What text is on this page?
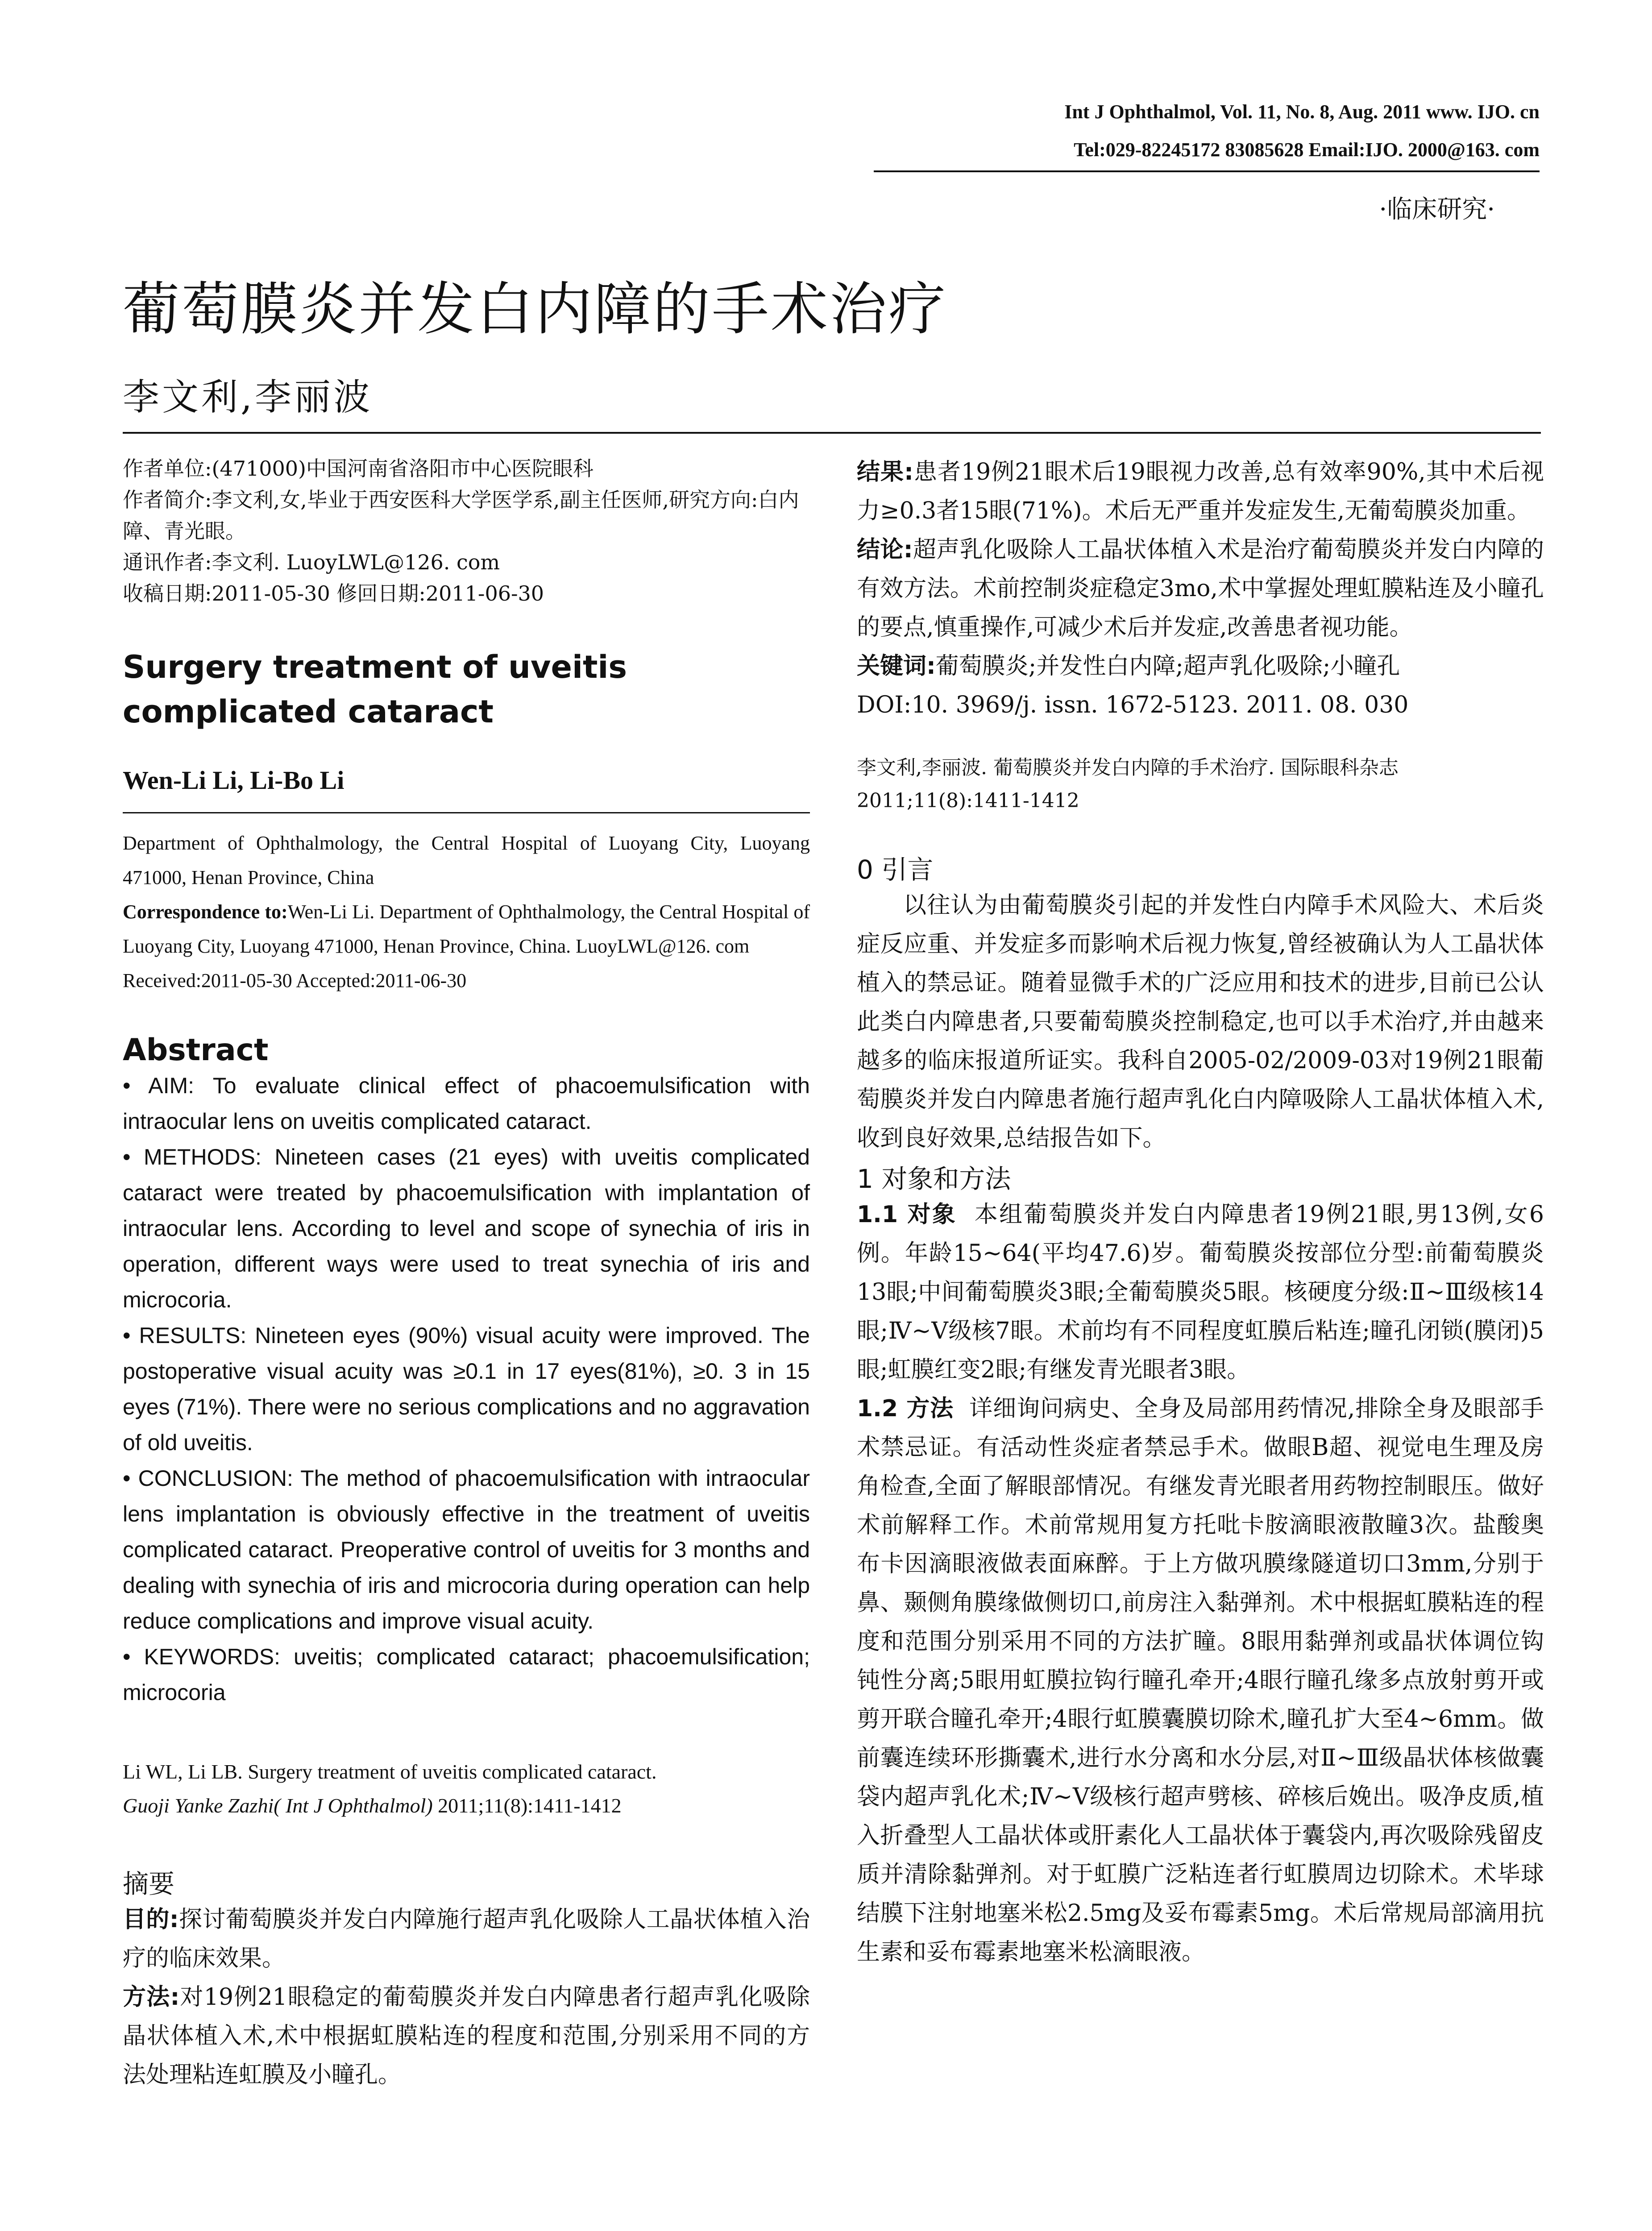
Int J Ophthalmol, Vol. 11, No. 8, Aug. 2011 www. IJO. cn
Tel:029-82245172 83085628 Email:IJO. 2000@163. com
·临床研究·
葡萄膜炎并发白内障的手术治疗
李文利,李丽波

作者单位:(471000)中国河南省洛阳市中心医院眼科

作者简介:李文利,女,毕业于西安医科大学医学系,副主任医师,研究方向:白内障、青光眼。

通讯作者:李文利. LuoyLWL@126. com

收稿日期:2011-05-30 修回日期:2011-06-30

Surgery treatment of uveitis complicated cataract

Wen-Li Li, Li-Bo Li

Department of Ophthalmology, the Central Hospital of Luoyang City, Luoyang 471000, Henan Province, China

Correspondence to:Wen-Li Li. Department of Ophthalmology, the Central Hospital of Luoyang City, Luoyang 471000, Henan Province, China. LuoyLWL@126. com

Received:2011-05-30 Accepted:2011-06-30

Abstract

• AIM: To evaluate clinical effect of phacoemulsification with intraocular lens on uveitis complicated cataract.

• METHODS: Nineteen cases (21 eyes) with uveitis complicated cataract were treated by phacoemulsification with implantation of intraocular lens. According to level and scope of synechia of iris in operation, different ways were used to treat synechia of iris and microcoria.

• RESULTS: Nineteen eyes (90%) visual acuity were improved. The postoperative visual acuity was ≥0.1 in 17 eyes(81%), ≥0. 3 in 15 eyes (71%). There were no serious complications and no aggravation of old uveitis.

• CONCLUSION: The method of phacoemulsification with intraocular lens implantation is obviously effective in the treatment of uveitis complicated cataract. Preoperative control of uveitis for 3 months and dealing with synechia of iris and microcoria during operation can help reduce complications and improve visual acuity.

• KEYWORDS: uveitis; complicated cataract; phacoemulsification; microcoria

Li WL, Li LB. Surgery treatment of uveitis complicated cataract.
Guoji Yanke Zazhi( Int J Ophthalmol) 2011;11(8):1411-1412

摘要

目的:探讨葡萄膜炎并发白内障施行超声乳化吸除人工晶状体植入治疗的临床效果。

方法:对19例21眼稳定的葡萄膜炎并发白内障患者行超声乳化吸除晶状体植入术,术中根据虹膜粘连的程度和范围,分别采用不同的方法处理粘连虹膜及小瞳孔。

结果:患者19例21眼术后19眼视力改善,总有效率90%,其中术后视力≥0.3者15眼(71%)。术后无严重并发症发生,无葡萄膜炎加重。

结论:超声乳化吸除人工晶状体植入术是治疗葡萄膜炎并发白内障的有效方法。术前控制炎症稳定3mo,术中掌握处理虹膜粘连及小瞳孔的要点,慎重操作,可减少术后并发症,改善患者视功能。

关键词:葡萄膜炎;并发性白内障;超声乳化吸除;小瞳孔

DOI:10. 3969/j. issn. 1672-5123. 2011. 08. 030

李文利,李丽波. 葡萄膜炎并发白内障的手术治疗. 国际眼科杂志 2011;11(8):1411-1412

0 引言

以往认为由葡萄膜炎引起的并发性白内障手术风险大、术后炎症反应重、并发症多而影响术后视力恢复,曾经被确认为人工晶状体植入的禁忌证。随着显微手术的广泛应用和技术的进步,目前已公认此类白内障患者,只要葡萄膜炎控制稳定,也可以手术治疗,并由越来越多的临床报道所证实。我科自2005-02/2009-03对19例21眼葡萄膜炎并发白内障患者施行超声乳化白内障吸除人工晶状体植入术,收到良好效果,总结报告如下。

1 对象和方法

1.1 对象 本组葡萄膜炎并发白内障患者19例21眼,男13例,女6例。年龄15~64(平均47.6)岁。葡萄膜炎按部位分型:前葡萄膜炎13眼;中间葡萄膜炎3眼;全葡萄膜炎5眼。核硬度分级:Ⅱ~Ⅲ级核14眼;Ⅳ~Ⅴ级核7眼。术前均有不同程度虹膜后粘连;瞳孔闭锁(膜闭)5眼;虹膜红变2眼;有继发青光眼者3眼。

1.2 方法 详细询问病史、全身及局部用药情况,排除全身及眼部手术禁忌证。有活动性炎症者禁忌手术。做眼B超、视觉电生理及房角检查,全面了解眼部情况。有继发青光眼者用药物控制眼压。做好术前解释工作。术前常规用复方托吡卡胺滴眼液散瞳3次。盐酸奥布卡因滴眼液做表面麻醉。于上方做巩膜缘隧道切口3mm,分别于鼻、颞侧角膜缘做侧切口,前房注入黏弹剂。术中根据虹膜粘连的程度和范围分别采用不同的方法扩瞳。8眼用黏弹剂或晶状体调位钩钝性分离;5眼用虹膜拉钩行瞳孔牵开;4眼行瞳孔缘多点放射剪开或剪开联合瞳孔牵开;4眼行虹膜囊膜切除术,瞳孔扩大至4~6mm。做前囊连续环形撕囊术,进行水分离和水分层,对Ⅱ~Ⅲ级晶状体核做囊袋内超声乳化术;Ⅳ~Ⅴ级核行超声劈核、碎核后娩出。吸净皮质,植入折叠型人工晶状体或肝素化人工晶状体于囊袋内,再次吸除残留皮质并清除黏弹剂。对于虹膜广泛粘连者行虹膜周边切除术。术毕球结膜下注射地塞米松2.5mg及妥布霉素5mg。术后常规局部滴用抗生素和妥布霉素地塞米松滴眼液。
